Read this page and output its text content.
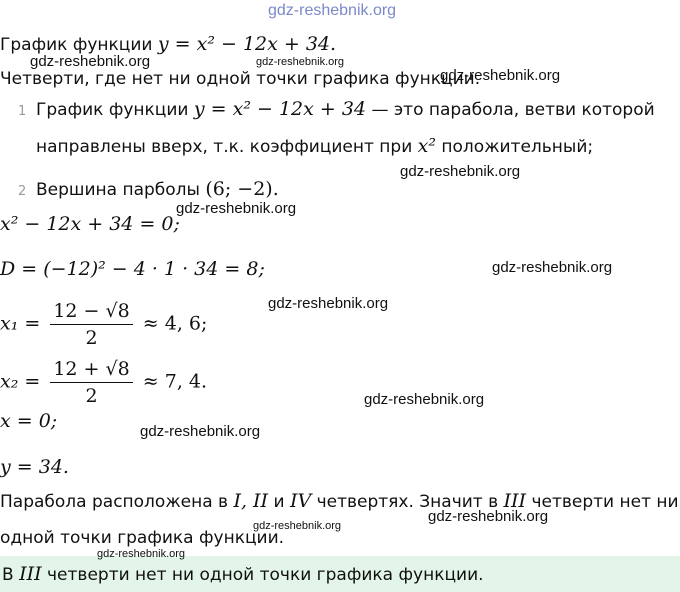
gdz-reshebnik.org
График функции y = x² − 12x + 34.
Четверти, где нет ни одной точки графика функции.
1 График функции y = x² − 12x + 34 — это парабола, ветви которой
направлены вверх, т.к. коэффициент при x² положительный;
2 Вершина парболы (6; −2).
x² − 12x + 34 = 0;
D = (−12)² − 4 · 1 · 34 = 8;
$x_1 = \frac{12 - √8}{2} \approx 4$, 6;
$x_2 = \frac{12 + √8}{2} \approx 7$, 4.
x = 0;
y = 34.
Парабола расположена в I, II и IV четвертях. Значит в III четверти нет ни
одной точки графика функции.
В III четверти нет ни одной точки графика функции.
gdz-reshebnik.org	gdz-reshebnik.org
gdz-reshebnik.org
gdz-reshebnik.org
gdz-reshebnik.org
gdz-reshebnik.org
gdz-reshebnik.org
gdz-reshebnik.org
gdz-reshebnik.org
gdz-reshebnik.org
gdz-reshebnik.org
gdz-reshebnik.org
